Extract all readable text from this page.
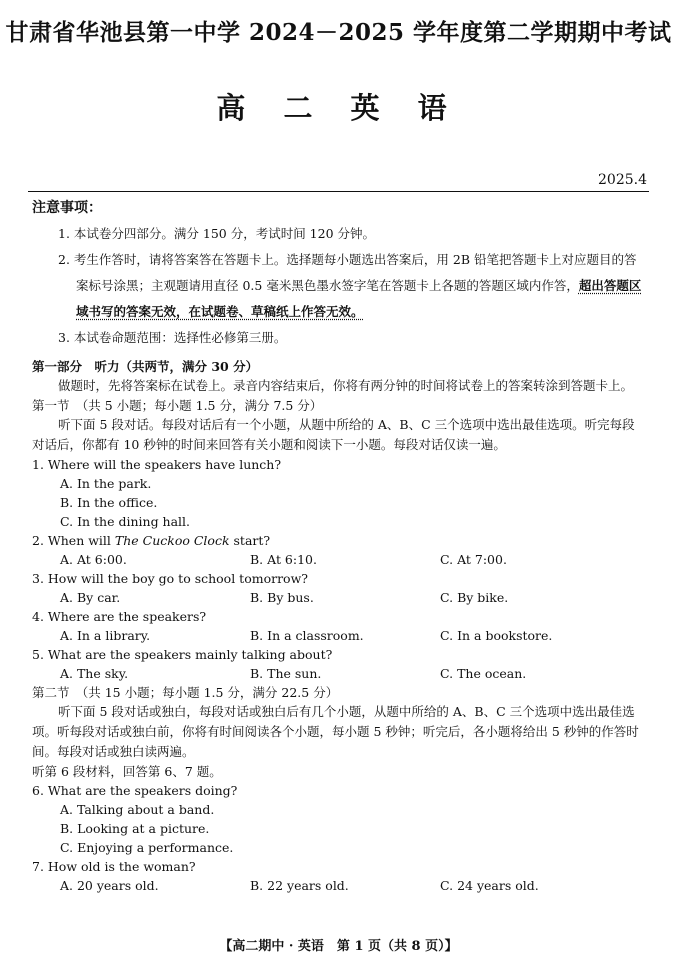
甘肃省华池县第一中学 2024－2025 学年度第二学期期中考试
高 二 英 语
2025.4
注意事项：
1. 本试卷分四部分。满分 150 分，考试时间 120 分钟。
2. 考生作答时，请将答案答在答题卡上。选择题每小题选出答案后，用 2B 铅笔把答题卡上对应题目的答案标号涂黑；主观题请用直径 0.5 毫米黑色墨水签字笔在答题卡上各题的答题区域内作答，超出答题区域书写的答案无效，在试题卷、草稿纸上作答无效。
3. 本试卷命题范围：选择性必修第三册。
第一部分　听力（共两节，满分 30 分）
做题时，先将答案标在试卷上。录音内容结束后，你将有两分钟的时间将试卷上的答案转涂到答题卡上。
第一节　（共 5 小题；每小题 1.5 分，满分 7.5 分）
听下面 5 段对话。每段对话后有一个小题，从题中所给的 A、B、C 三个选项中选出最佳选项。听完每段对话后，你都有 10 秒钟的时间来回答有关小题和阅读下一小题。每段对话仅读一遍。
1. Where will the speakers have lunch?
A. In the park.
B. In the office.
C. In the dining hall.
2. When will The Cuckoo Clock start?
A. At 6:00.	B. At 6:10.	C. At 7:00.
3. How will the boy go to school tomorrow?
A. By car.	B. By bus.	C. By bike.
4. Where are the speakers?
A. In a library.	B. In a classroom.	C. In a bookstore.
5. What are the speakers mainly talking about?
A. The sky.	B. The sun.	C. The ocean.
第二节　（共 15 小题；每小题 1.5 分，满分 22.5 分）
听下面 5 段对话或独白，每段对话或独白后有几个小题，从题中所给的 A、B、C 三个选项中选出最佳选项。听每段对话或独白前，你将有时间阅读各个小题，每小题 5 秒钟；听完后，各小题将给出 5 秒钟的作答时间。每段对话或独白读两遍。
听第 6 段材料，回答第 6、7 题。
6. What are the speakers doing?
A. Talking about a band.
B. Looking at a picture.
C. Enjoying a performance.
7. How old is the woman?
A. 20 years old.	B. 22 years old.	C. 24 years old.
【高二期中 · 英语　第 1 页（共 8 页）】
